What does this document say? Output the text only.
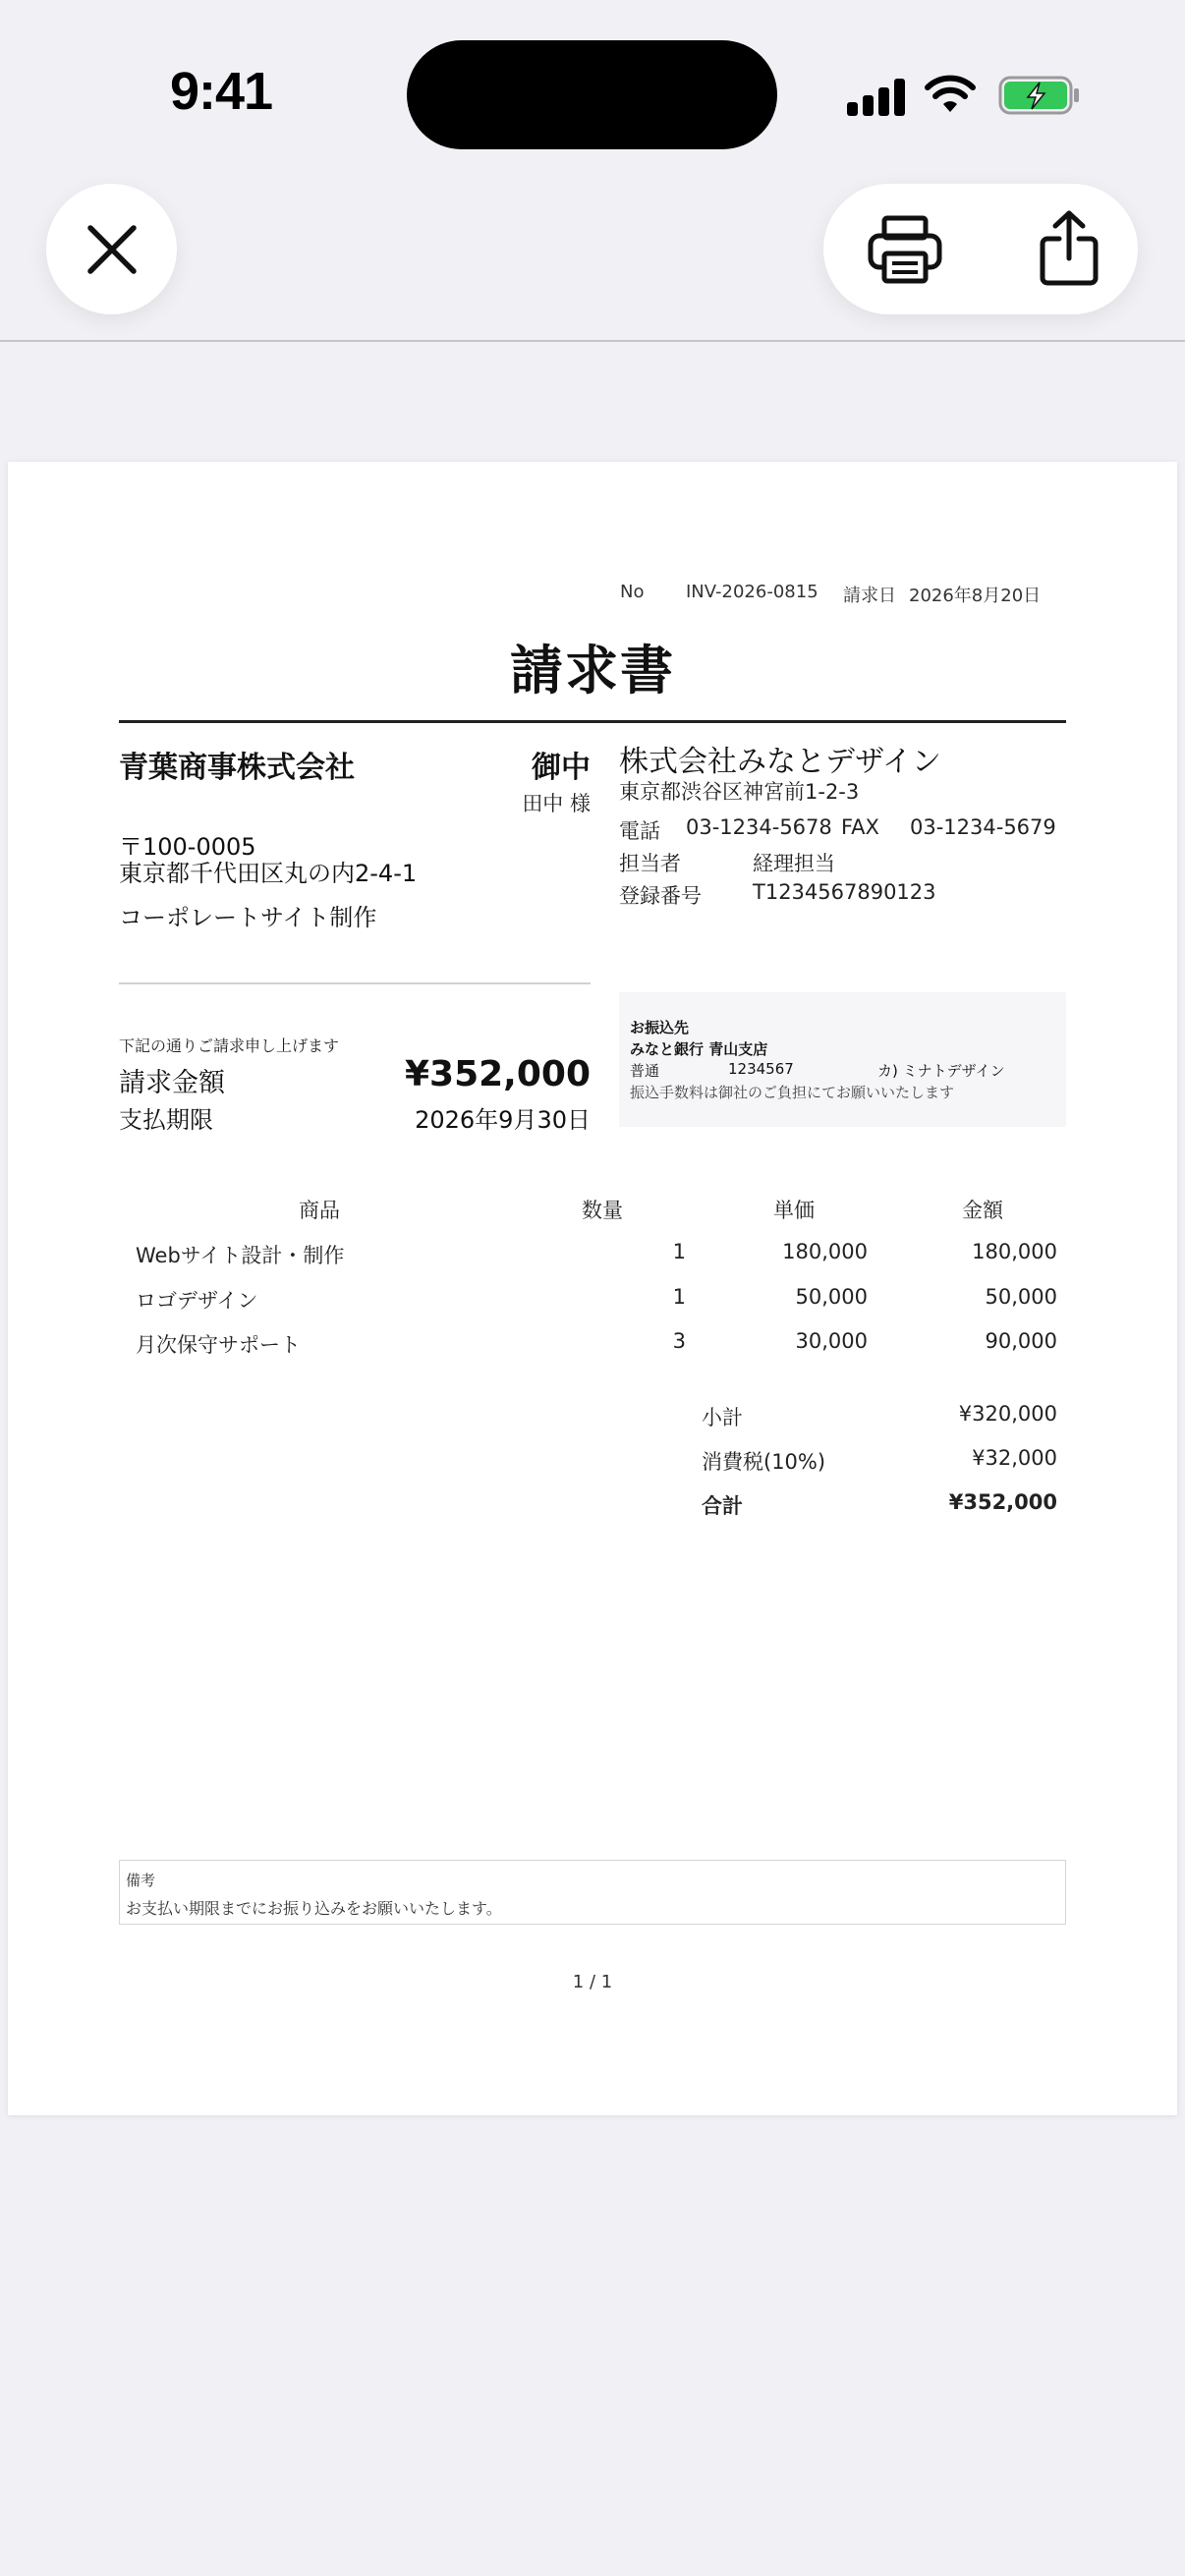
9:41
No INV-2026-0815 請求日 2026年8月20日
請求書
青葉商事株式会社	御中
田中 様
〒100-0005
東京都千代田区丸の内2-4-1
コーポレートサイト制作
株式会社みなとデザイン
東京都渋谷区神宮前1-2-3
電話 03-1234-5678 FAX 03-1234-5679
担当者	経理担当
登録番号 T1234567890123
下記の通りご請求申し上げます
請求金額	¥352,000
支払期限	2026年9月30日
お振込先
みなと銀行 青山支店
普通	1234567	カ) ミナトデザイン
振込手数料は御社のご負担にてお願いいたします
商品	数量	単価	金額
Webサイト設計・制作	1	180,000	180,000
ロゴデザイン	1	50,000	50,000
月次保守サポート	3	30,000	90,000
小計	¥320,000
消費税(10%)	¥32,000
合計	¥352,000
備考
お支払い期限までにお振り込みをお願いいたします。
1 / 1
